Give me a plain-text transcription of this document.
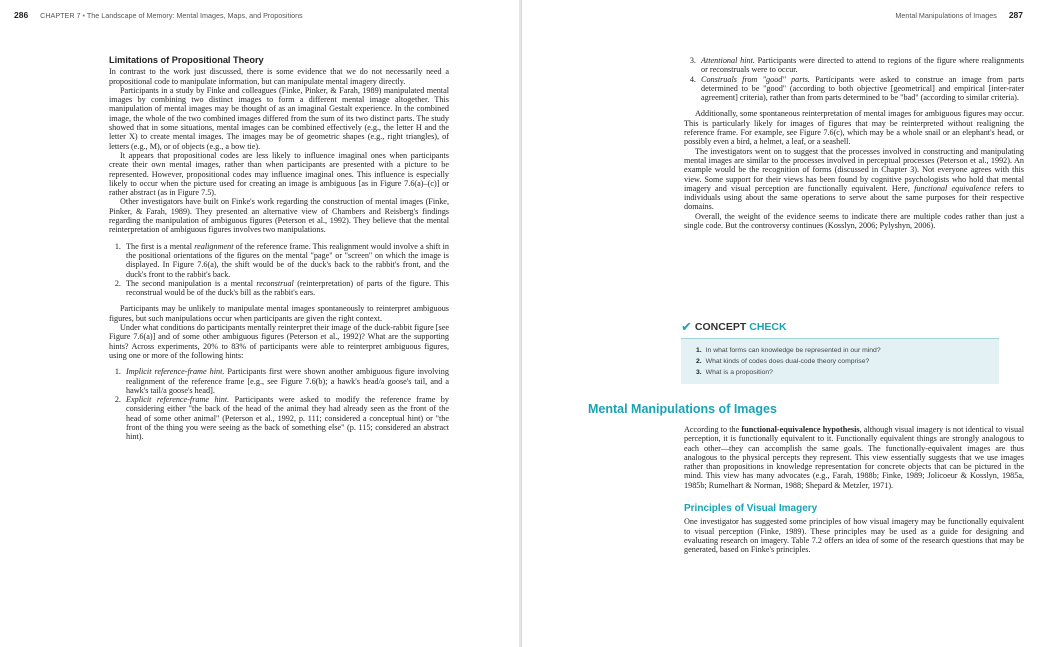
286 CHAPTER 7 • The Landscape of Memory: Mental Images, Maps, and Propositions
Limitations of Propositional Theory

In contrast to the work just discussed, there is some evidence that we do not necessarily need a propositional code to manipulate information, but can manipulate mental imagery directly.

Participants in a study by Finke and colleagues (Finke, Pinker, & Farah, 1989) manipulated mental images by combining two distinct images to form a different mental image altogether. This manipulation of mental images may be thought of as an imaginal Gestalt experience. In the combined image, the whole of the two combined images differed from the sum of its two distinct parts. The study showed that in some situations, mental images can be combined effectively (e.g., the letter H and the letter X) to create mental images. The images may be of geometric shapes (e.g., right triangles), of letters (e.g., M), or of objects (e.g., a bow tie).

It appears that propositional codes are less likely to influence imaginal ones when participants create their own mental images, rather than when participants are presented with a picture to be represented. However, propositional codes may influence imaginal ones. This influence is especially likely to occur when the picture used for creating an image is ambiguous [as in Figure 7.6(a)–(c)] or rather abstract (as in Figure 7.5).

Other investigators have built on Finke's work regarding the construction of mental images (Finke, Pinker, & Farah, 1989). They presented an alternative view of Chambers and Reisberg's findings regarding the manipulation of ambiguous figures (Peterson et al., 1992). They believe that the mental reinterpretation of ambiguous figures involves two manipulations.

1. The first is a mental realignment of the reference frame. This realignment would involve a shift in the positional orientations of the figures on the mental "page" or "screen" on which the image is displayed. In Figure 7.6(a), the shift would be of the duck's back to the rabbit's front, and the duck's front to the rabbit's back.
2. The second manipulation is a mental reconstrual (reinterpretation) of parts of the figure. This reconstrual would be of the duck's bill as the rabbit's ears.

Participants may be unlikely to manipulate mental images spontaneously to reinterpret ambiguous figures, but such manipulations occur when participants are given the right context.

Under what conditions do participants mentally reinterpret their image of the duck-rabbit figure [see Figure 7.6(a)] and of some other ambiguous figures (Peterson et al., 1992)? What are the supporting hints? Across experiments, 20% to 83% of participants were able to reinterpret ambiguous figures, using one or more of the following hints:

1. Implicit reference-frame hint. Participants first were shown another ambiguous figure involving realignment of the reference frame [e.g., see Figure 7.6(b); a hawk's head/a goose's tail, and a hawk's tail/a goose's head].
2. Explicit reference-frame hint. Participants were asked to modify the reference frame by considering either "the back of the head of the animal they had already seen as the front of the head of some other animal" (Peterson et al., 1992, p. 111; considered a conceptual hint) or "the front of the thing you were seeing as the back of something else" (p. 115; considered an abstract hint).
Mental Manipulations of Images 287
3. Attentional hint. Participants were directed to attend to regions of the figure where realignments or reconstruals were to occur.
4. Construals from "good" parts. Participants were asked to construe an image from parts determined to be "good" (according to both objective [geometrical] and empirical [inter-rater agreement] criteria), rather than from parts determined to be "bad" (according to similar criteria).

Additionally, some spontaneous reinterpretation of mental images for ambiguous figures may occur. This is particularly likely for images of figures that may be reinterpreted without realigning the reference frame. For example, see Figure 7.6(c), which may be a whole snail or an elephant's head, or possibly even a bird, a helmet, a leaf, or a seashell.

The investigators went on to suggest that the processes involved in constructing and manipulating mental images are similar to the processes involved in perceptual processes (Peterson et al., 1992). An example would be the recognition of forms (discussed in Chapter 3). Not everyone agrees with this view. Some support for their views has been found by cognitive psychologists who hold that mental imagery and visual perception are functionally equivalent. Here, functional equivalence refers to individuals using about the same operations to serve about the same purposes for their respective domains.

Overall, the weight of the evidence seems to indicate there are multiple codes rather than just a single code. But the controversy continues (Kosslyn, 2006; Pylyshyn, 2006).

✔ CONCEPT CHECK
1. In what forms can knowledge be represented in our mind?
2. What kinds of codes does dual-code theory comprise?
3. What is a proposition?
Mental Manipulations of Images

According to the functional-equivalence hypothesis, although visual imagery is not identical to visual perception, it is functionally equivalent to it. Functionally equivalent things are strongly analogous to each other—they can accomplish the same goals. The functionally-equivalent images are thus analogous to the physical percepts they represent. This view essentially suggests that we use images rather than propositions in knowledge representation for concrete objects that can be pictured in the mind. This view has many advocates (e.g., Farah, 1988b; Finke, 1989; Jolicoeur & Kosslyn, 1985a, 1985b; Rumelhart & Norman, 1988; Shepard & Metzler, 1971).

Principles of Visual Imagery

One investigator has suggested some principles of how visual imagery may be functionally equivalent to visual perception (Finke, 1989). These principles may be used as a guide for designing and evaluating research on imagery. Table 7.2 offers an idea of some of the research questions that may be generated, based on Finke's principles.
